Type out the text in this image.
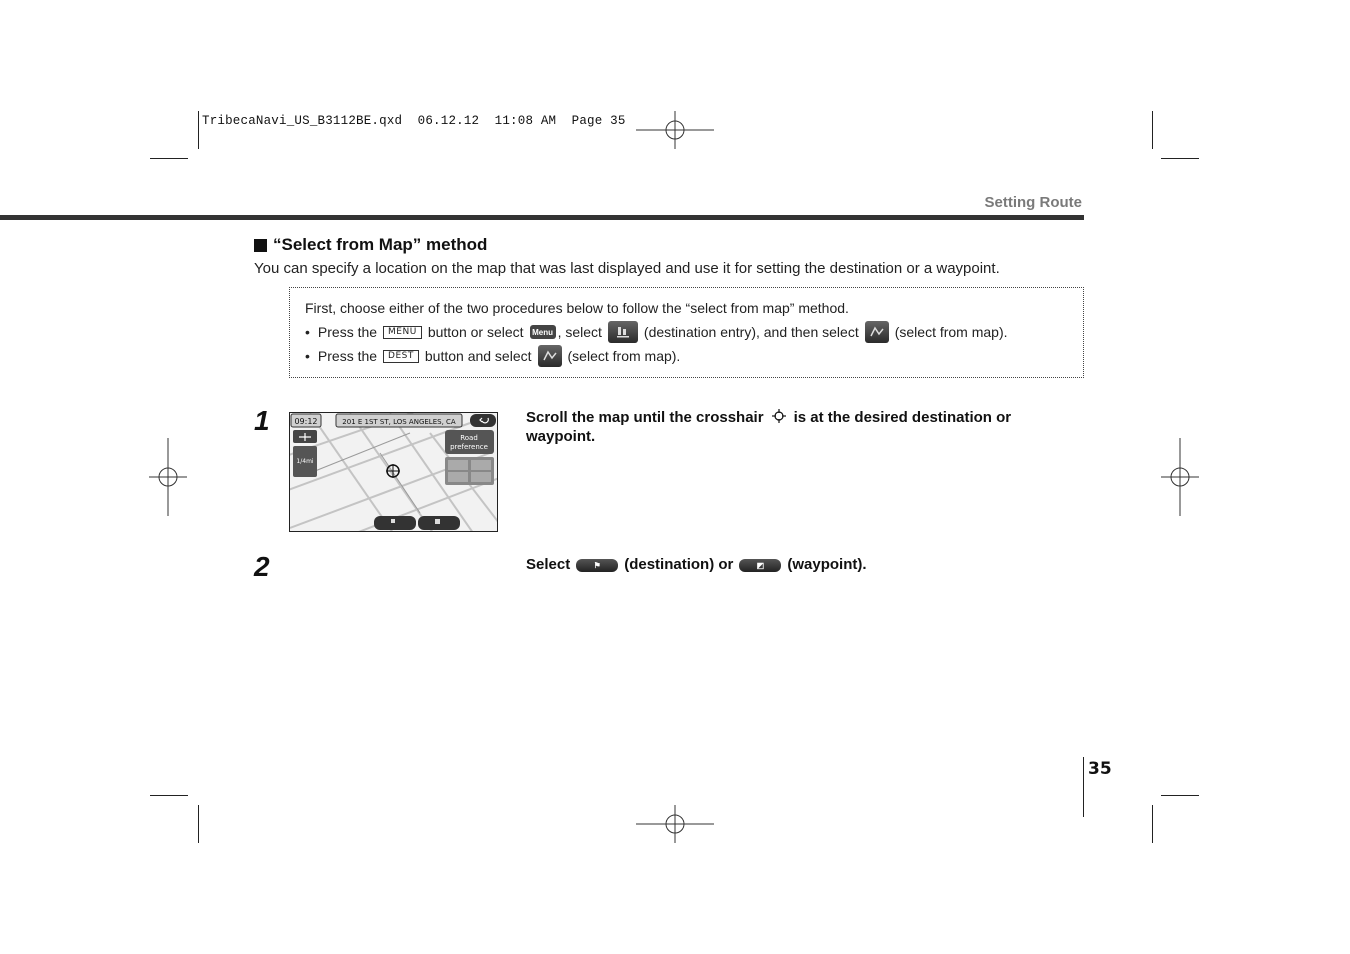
TribecaNavi_US_B3112BE.qxd  06.12.12  11:08 AM  Page 35
Setting Route
“Select from Map” method
You can specify a location on the map that was last displayed and use it for setting the destination or a waypoint.
First, choose either of the two procedures below to follow the “select from map” method.
• Press the	MENU button or select	Menu , select	(destination entry), and then select	(select from map).
• Press the	DEST button and select	(select from map).
1	09:12	201 E 1ST ST, LOS ANGELES, CA
1/4mi
Road
preference
Scroll the map until the crosshair is at the desired destination or waypoint.
2	Select	⚑ (destination) or	◩ (waypoint).
35
